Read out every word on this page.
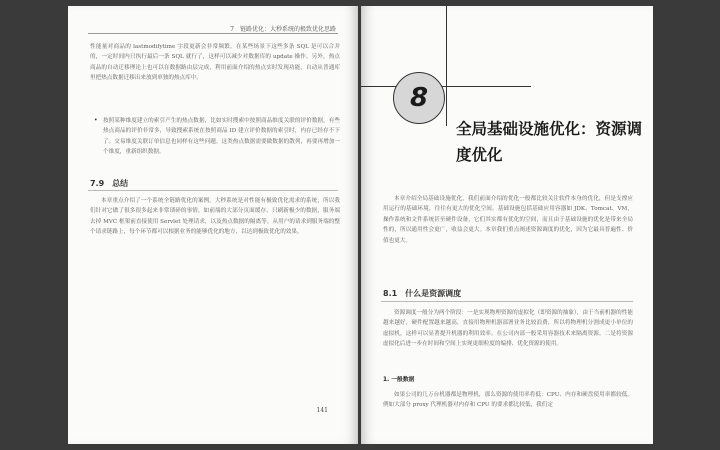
7　链路优化：大秒系统的极致优化思路

性能量对商品的 lastmodifytime 字段更新会非常频繁。在某些场景下这些多条 SQL 是可以合并的，一定时间内只执行最后一条 SQL 就行了，这样可以减少对数据库的 update 操作。另外，热点商品的自动迁移理论上也可以在数据路由层完成，利用前面介绍的热点实时发现功能，自动从普通库里把热点数据迁移出来放到单独的热点库中。

• 按照某种维度建立的索引产生的热点数据，比如实时搜索中按照商品维度关联的评价数据，有些热点商品的评价非常多，导致搜索系统在按照商品 ID 建立评价数据的索引时，内存已经存不下了。交易维度关联订单信息也同样有这些问题。这类热点数据需要做数据的散列，再要再增加一个维度，重新组织数据。
7.9　总结

本章重点介绍了一个系统全链路优化的案例。大秒系统是对性能有极致优化需求的系统，所以我们针对它做了很多很多起来非常琐碎的事情，如前端的大部分页面缓存、只刷新极少的数据，服务端去掉 MVC 框架前直接使用 Servlet 处理请求，以及热点数据的隔离等。从用户的请求到服务端的整个请求链路上，每个环节都可以根据业务的能够优化的地方，以达到极致优化的效果。

141
8
全局基础设施优化：资源调度优化

本章介绍全局基础设施优化，我们前面介绍的优化一般都比较关注软件本身的优化，但是支撑应用运行的基础环境，往往有更大的优化空间。基础设施包括基础应用容器如 JDK、Tomcat、VM，操作系统和文件系统甚至硬件设备，它们其实都有优化的空间，而且由于基础设施的优化是带来全局性的，所以通用性会更广，收益会更大。本章我们重点阐述资源调度的优化，因为它最具普遍性、价值也更大。

8.1　什么是资源调度

资源调度一般分为两个阶段：一是实现物理资源的虚拟化（即资源的抽象），由于当前机器的性能越来越好，硬件配置越来越高，直接用物理机器部署业务比较浪费，所以将物理机分割成更小单位的虚拟机，这样可以显著提升机器的利用效率。在公司内部一般采用容器技术来隔离资源。二是将资源虚拟化后进一步在时间和空间上实现更细粒度的编排、优化资源的使用。

1. 一般数据

如果公司的几万台机器都是物理机，那么资源的使用率将低：CPU、内存和硬盘使用率都较低。例如大部分 proxy 代理机器对内存和 CPU 的要求都比较低，我们定
